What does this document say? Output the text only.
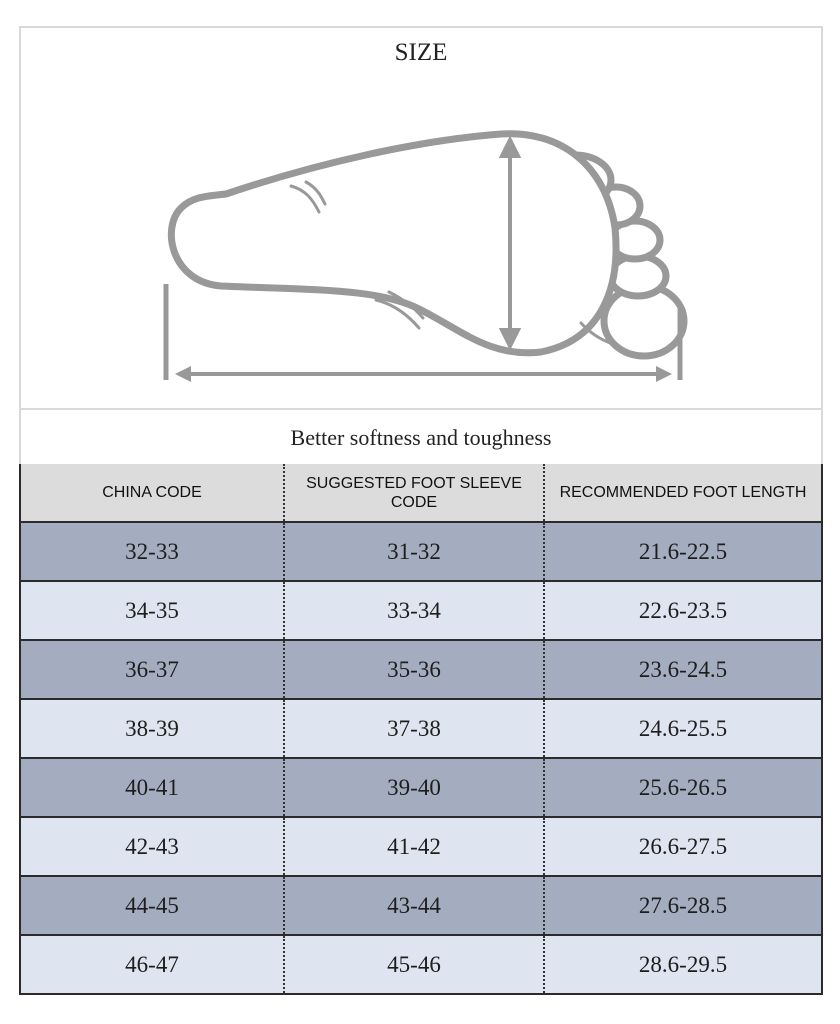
SIZE
Better softness and toughness
CHINA CODE	SUGGESTED FOOT SLEEVE CODE	RECOMMENDED FOOT LENGTH
32-33	31-32	21.6-22.5
34-35	33-34	22.6-23.5
36-37	35-36	23.6-24.5
38-39	37-38	24.6-25.5
40-41	39-40	25.6-26.5
42-43	41-42	26.6-27.5
44-45	43-44	27.6-28.5
46-47	45-46	28.6-29.5
